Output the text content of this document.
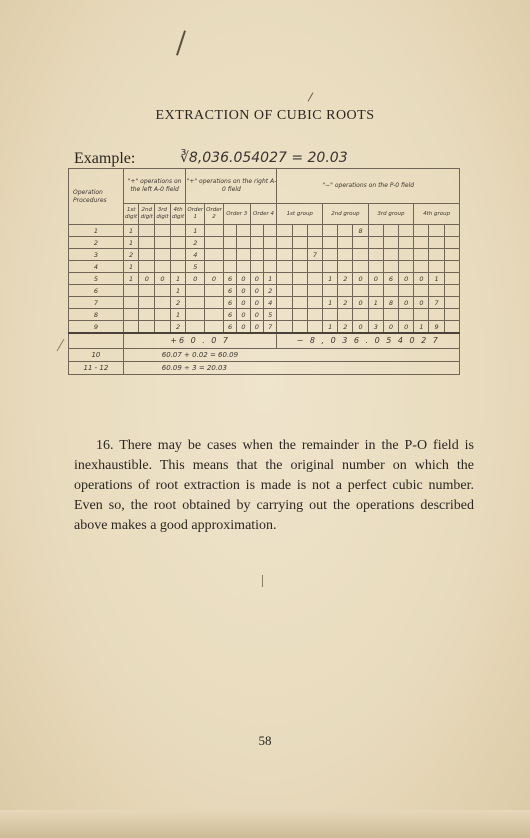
EXTRACTION OF CUBIC ROOTS
Example:	∛8,036.054027 = 20.03
Operation Procedures	"+" operations on the left A-0 field				"+" operations on the right A-0 field						"−" operations on the P-0 field											
	1st digit	2nd digit	3rd digit	4th digit	Order 1	Order 2	Order 3		Order 4		1st group			2nd group			3rd group			4th group		
1	1				1											8						
2	1				2																	
3	2				4								7									
4	1				5																	
5	1	0	0	1	0	0	6	0	0	1				1	2	0	0	6	0	0	1	
6				1			6	0	0	2												
7				2			6	0	0	4				1	2	0	1	8	0	0	7	
8				1			6	0	0	5												
9				2			6	0	0	7				1	2	0	3	0	0	1	9	
	+6 0 . 0 7										− 8 , 0 3 6 . 0 5 4 0 2 7											
10	60.07 + 0.02 = 60.09																					
11 - 12	60.09 ÷ 3 = 20.03																					
16. There may be cases when the remainder in the P-O field is inexhaustible. This means that the original number on which the operations of root extraction is made is not a perfect cubic number. Even so, the root obtained by carrying out the operations described above makes a good approximation.
58
